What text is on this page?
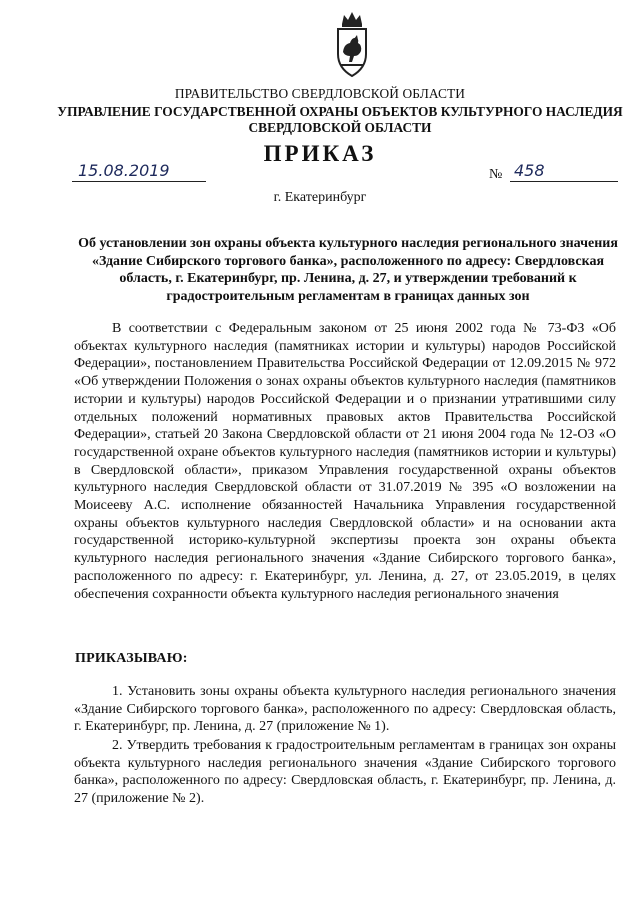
ПРАВИТЕЛЬСТВО СВЕРДЛОВСКОЙ ОБЛАСТИ
УПРАВЛЕНИЕ ГОСУДАРСТВЕННОЙ ОХРАНЫ ОБЪЕКТОВ КУЛЬТУРНОГО НАСЛЕДИЯ СВЕРДЛОВСКОЙ ОБЛАСТИ
ПРИКАЗ
15.08.2019	№ 458
г. Екатеринбург
Об установлении зон охраны объекта культурного наследия регионального значения «Здание Сибирского торгового банка», расположенного по адресу: Свердловская область, г. Екатеринбург, пр. Ленина, д. 27, и утверждении требований к градостроительным регламентам в границах данных зон

В соответствии с Федеральным законом от 25 июня 2002 года № 73-ФЗ «Об объектах культурного наследия (памятниках истории и культуры) народов Российской Федерации», постановлением Правительства Российской Федерации от 12.09.2015 № 972 «Об утверждении Положения о зонах охраны объектов культурного наследия (памятников истории и культуры) народов Российской Федерации и о признании утратившими силу отдельных положений нормативных правовых актов Правительства Российской Федерации», статьей 20 Закона Свердловской области от 21 июня 2004 года № 12-ОЗ «О государственной охране объектов культурного наследия (памятников истории и культуры) в Свердловской области», приказом Управления государственной охраны объектов культурного наследия Свердловской области от 31.07.2019 № 395 «О возложении на Моисееву А.С. исполнение обязанностей Начальника Управления государственной охраны объектов культурного наследия Свердловской области» и на основании акта государственной историко-культурной экспертизы проекта зон охраны объекта культурного наследия регионального значения «Здание Сибирского торгового банка», расположенного по адресу: г. Екатеринбург, ул. Ленина, д. 27, от 23.05.2019, в целях обеспечения сохранности объекта культурного наследия регионального значения

ПРИКАЗЫВАЮ:

1. Установить зоны охраны объекта культурного наследия регионального значения «Здание Сибирского торгового банка», расположенного по адресу: Свердловская область, г. Екатеринбург, пр. Ленина, д. 27 (приложение № 1).

2. Утвердить требования к градостроительным регламентам в границах зон охраны объекта культурного наследия регионального значения «Здание Сибирского торгового банка», расположенного по адресу: Свердловская область, г. Екатеринбург, пр. Ленина, д. 27 (приложение № 2).
